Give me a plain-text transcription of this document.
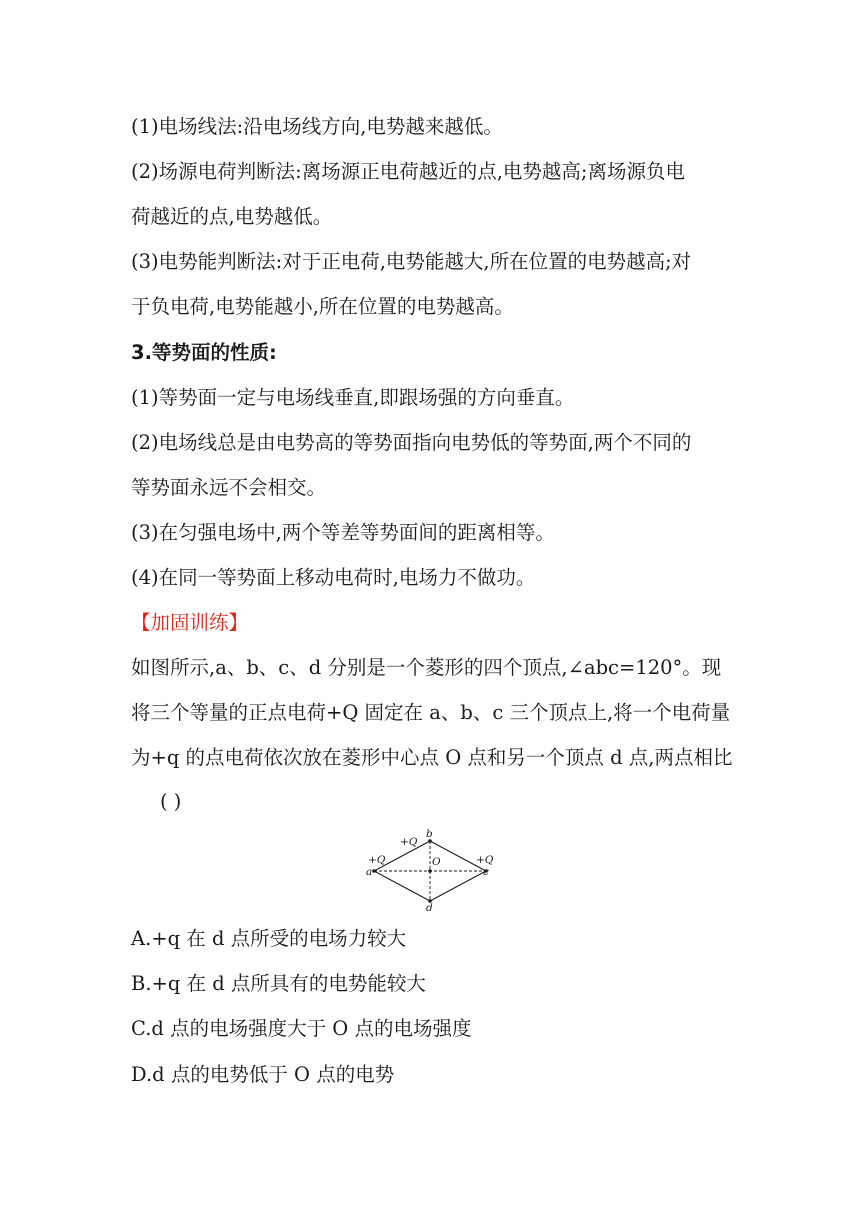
(1)电场线法:沿电场线方向,电势越来越低。
(2)场源电荷判断法:离场源正电荷越近的点,电势越高;离场源负电
荷越近的点,电势越低。
(3)电势能判断法:对于正电荷,电势能越大,所在位置的电势越高;对
于负电荷,电势能越小,所在位置的电势越高。
3.等势面的性质:
(1)等势面一定与电场线垂直,即跟场强的方向垂直。
(2)电场线总是由电势高的等势面指向电势低的等势面,两个不同的
等势面永远不会相交。
(3)在匀强电场中,两个等差等势面间的距离相等。
(4)在同一等势面上移动电荷时,电场力不做功。
【加固训练】
如图所示,a、b、c、d 分别是一个菱形的四个顶点,∠abc=120°。现
将三个等量的正点电荷+Q 固定在 a、b、c 三个顶点上,将一个电荷量
为+q 的点电荷依次放在菱形中心点 O 点和另一个顶点 d 点,两点相比
( )
+Q
b
+Q
a
+Q
c
O
d
A.+q 在 d 点所受的电场力较大
B.+q 在 d 点所具有的电势能较大
C.d 点的电场强度大于 O 点的电场强度
D.d 点的电势低于 O 点的电势
